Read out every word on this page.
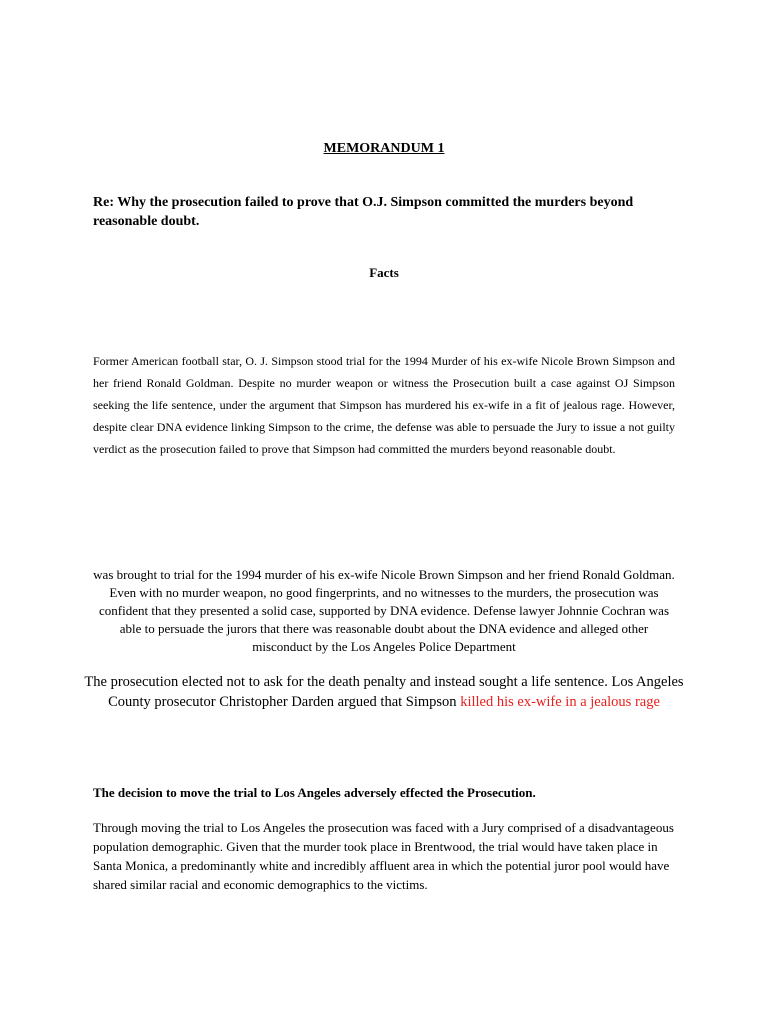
MEMORANDUM 1
Re: Why the prosecution failed to prove that O.J. Simpson committed the murders beyond reasonable doubt.
Facts
Former American football star, O. J. Simpson stood trial for the 1994 Murder of his ex-wife Nicole Brown Simpson and her friend Ronald Goldman. Despite no murder weapon or witness the Prosecution built a case against OJ Simpson seeking the life sentence, under the argument that Simpson has murdered his ex-wife in a fit of jealous rage. However, despite clear DNA evidence linking Simpson to the crime, the defense was able to persuade the Jury to issue a not guilty verdict as the prosecution failed to prove that Simpson had committed the murders beyond reasonable doubt.
was brought to trial for the 1994 murder of his ex-wife Nicole Brown Simpson and her friend Ronald Goldman. Even with no murder weapon, no good fingerprints, and no witnesses to the murders, the prosecution was confident that they presented a solid case, supported by DNA evidence. Defense lawyer Johnnie Cochran was able to persuade the jurors that there was reasonable doubt about the DNA evidence and alleged other misconduct by the Los Angeles Police Department
The prosecution elected not to ask for the death penalty and instead sought a life sentence. Los Angeles County prosecutor Christopher Darden argued that Simpson killed his ex-wife in a jealous rage
The decision to move the trial to Los Angeles adversely effected the Prosecution.
Through moving the trial to Los Angeles the prosecution was faced with a Jury comprised of a disadvantageous population demographic. Given that the murder took place in Brentwood, the trial would have taken place in Santa Monica, a predominantly white and incredibly affluent area in which the potential juror pool would have shared similar racial and economic demographics to the victims.
